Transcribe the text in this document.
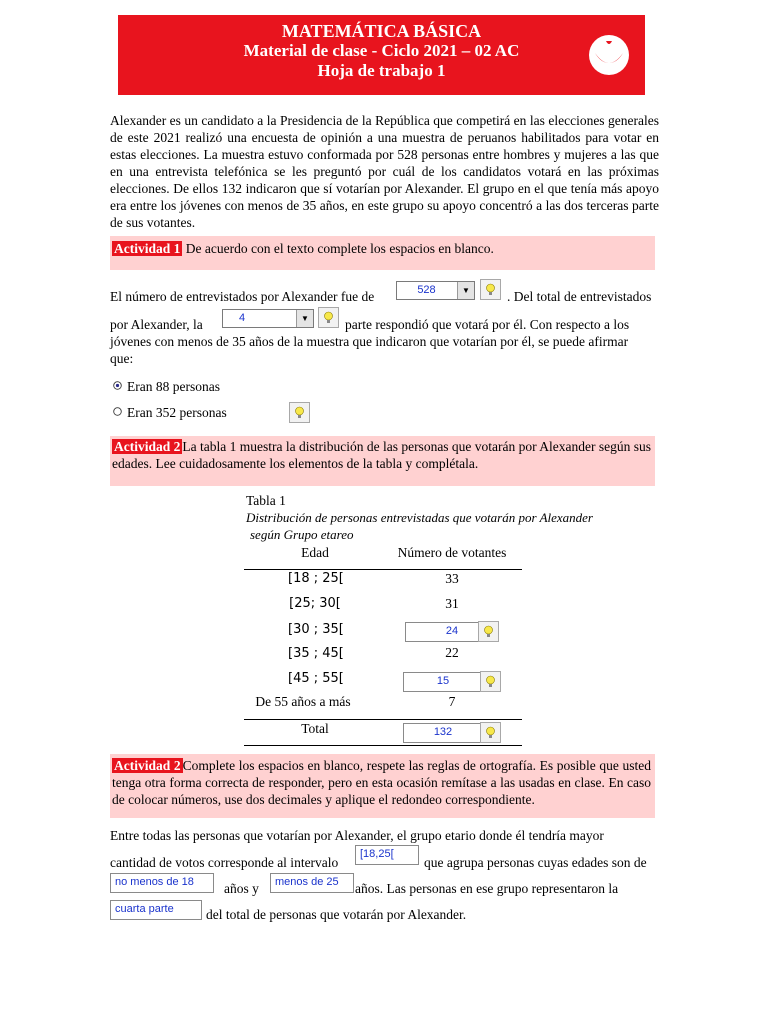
MATEMÁTICA BÁSICA
Material de clase - Ciclo 2021 – 02 AC
Hoja de trabajo 1
Alexander es un candidato a la Presidencia de la República que competirá en las elecciones generales de este 2021 realizó una encuesta de opinión a una muestra de peruanos habilitados para votar en estas elecciones. La muestra estuvo conformada por 528 personas entre hombres y mujeres a las que en una entrevista telefónica se les preguntó por cuál de los candidatos votará en las próximas elecciones. De ellos 132 indicaron que sí votarían por Alexander. El grupo en el que tenía más apoyo era entre los jóvenes con menos de 35 años, en este grupo su apoyo concentró a las dos terceras parte de sus votantes.
Actividad 1 De acuerdo con el texto complete los espacios en blanco.
El número de entrevistados por Alexander fue de	528	▼	. Del total de entrevistados
por Alexander, la	4	▼	parte respondió que votará por él. Con respecto a los
jóvenes con menos de 35 años de la muestra que indicaron que votarían por él, se puede afirmar
que:
Eran 88 personas
Eran 352 personas
Actividad 2 La tabla 1 muestra la distribución de las personas que votarán por Alexander según sus edades. Lee cuidadosamente los elementos de la tabla y complétala.
Tabla 1
Distribución de personas entrevistadas que votarán por Alexander
según Grupo etareo
Edad	Número de votantes
[18 ; 25[	33
[25; 30[	31
[30 ; 35[	24
[35 ; 45[	22
[45 ; 55[	15
De 55 años a más	7
Total	132
Actividad 2 Complete los espacios en blanco, respete las reglas de ortografía. Es posible que usted tenga otra forma correcta de responder, pero en esta ocasión remítase a las usadas en clase. En caso de colocar números, use dos decimales y aplique el redondeo correspondiente.
Entre todas las personas que votarían por Alexander, el grupo etario donde él tendría mayor
cantidad de votos corresponde al intervalo
[18,25[
que agrupa personas cuyas edades son de
no menos de 18 años y menos de 25 años. Las personas en ese grupo representaron la
cuarta parte del total de personas que votarán por Alexander.
